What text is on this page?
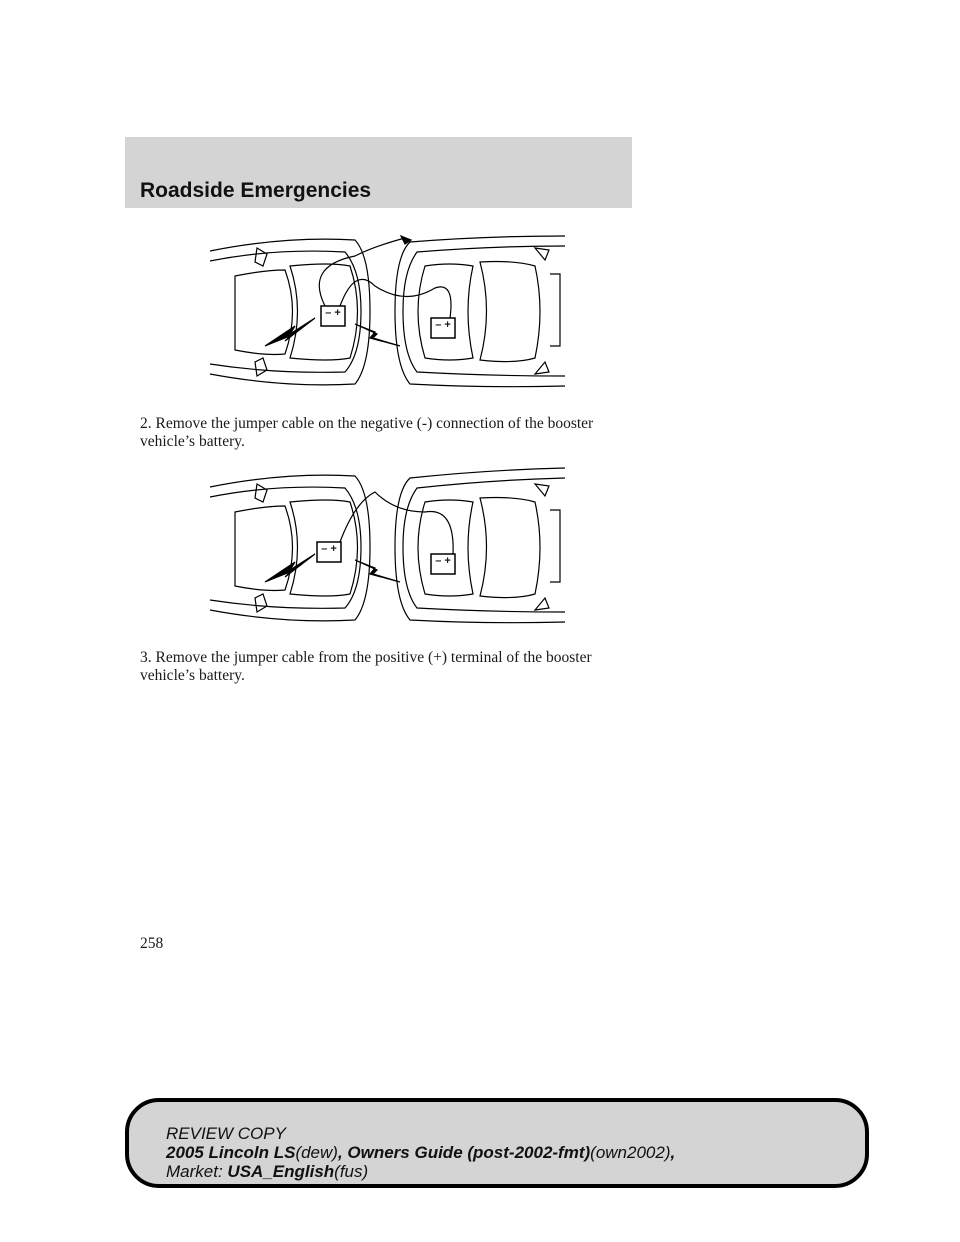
Roadside Emergencies
– +
– +

2. Remove the jumper cable on the negative (-) connection of the booster vehicle’s battery.

– +
– +

3. Remove the jumper cable from the positive (+) terminal of the booster vehicle’s battery.

258
REVIEW COPY
2005 Lincoln LS(dew), Owners Guide (post-2002-fmt)(own2002),
Market: USA_English(fus)
